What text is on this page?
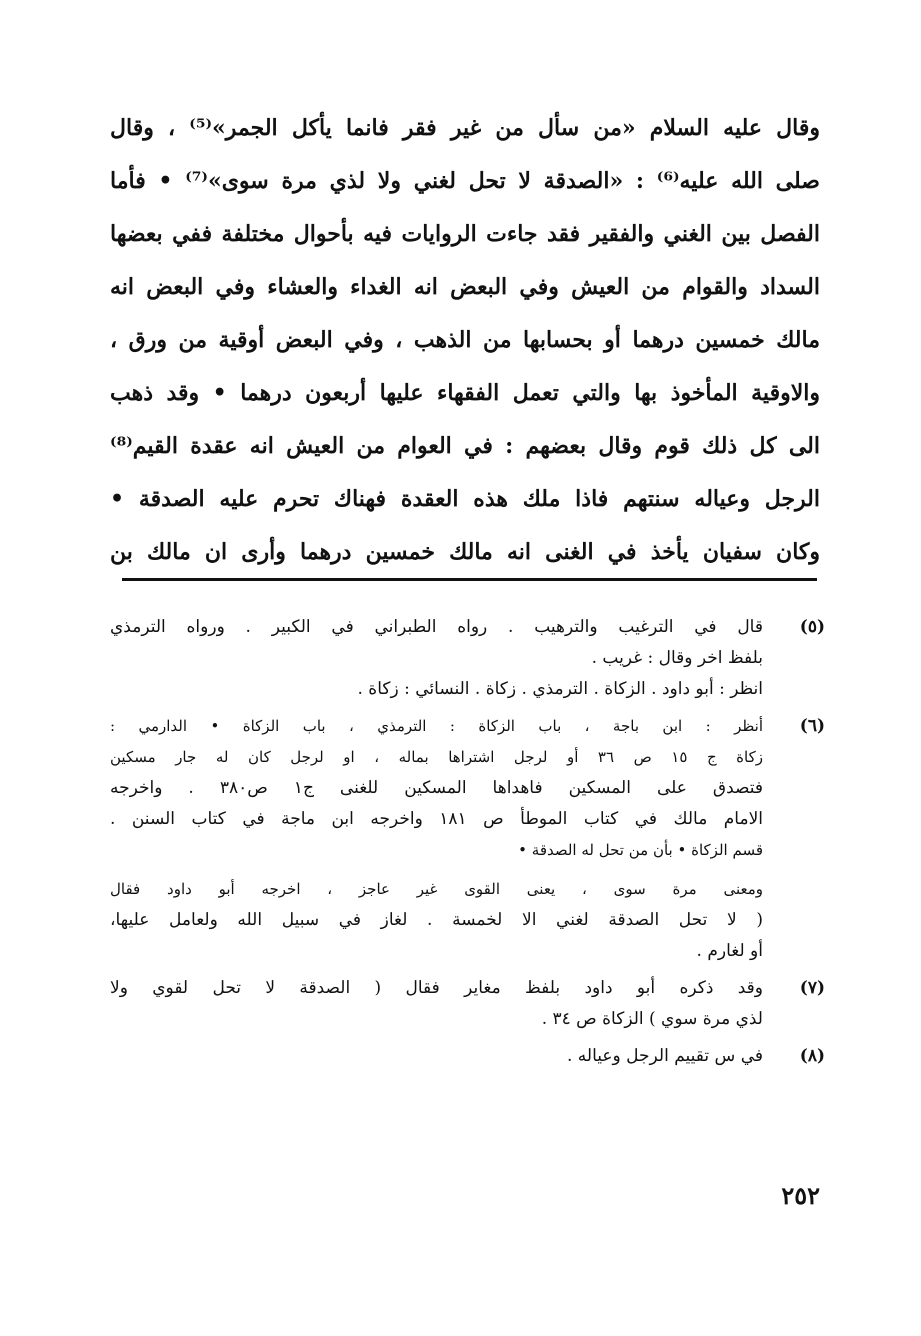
وقال عليه السلام «من سأل من غير فقر فانما يأكل الجمر»⁽⁵⁾ ، وقال
صلى الله عليه⁽⁶⁾ : «الصدقة لا تحل لغني ولا لذي مرة سوى»⁽⁷⁾ • فأما
الفصل بين الغني والفقير فقد جاءت الروايات فيه بأحوال مختلفة ففي بعضها
السداد والقوام من العيش وفي البعض انه الغداء والعشاء وفي البعض انه
مالك خمسين درهما أو بحسابها من الذهب ، وفي البعض أوقية من ورق ،
والاوقية المأخوذ بها والتي تعمل الفقهاء عليها أربعون درهما • وقد ذهب
الى كل ذلك قوم وقال بعضهم : في العوام من العيش انه عقدة القيم⁽⁸⁾
الرجل وعياله سنتهم فاذا ملك هذه العقدة فهناك تحرم عليه الصدقة •
وكان سفيان يأخذ في الغنى انه مالك خمسين درهما وأرى ان مالك بن
(٥)
قال في الترغيب والترهيب . رواه الطبراني في الكبير . ورواه الترمذي
بلفظ اخر وقال : غريب .
انظر : أبو داود . الزكاة . الترمذي . زكاة . النسائي : زكاة .
(٦)
أنظر : ابن باجة ، باب الزكاة : الترمذي ، باب الزكاة • الدارمي :
زكاة ج ١٥ ص ٣٦ أو لرجل اشتراها بماله ، او لرجل كان له جار مسكين
فتصدق على المسكين فاهداها المسكين للغنى ج١ ص٣٨٠ . واخرجه
الامام مالك في كتاب الموطأ ص ١٨١ واخرجه ابن ماجة في كتاب السنن .
قسم الزكاة • بأن من تحل له الصدقة •
ومعنى مرة سوى ، يعنى القوى غير عاجز ، اخرجه أبو داود فقال
( لا تحل الصدقة لغني الا لخمسة . لغاز في سبيل الله ولعامل عليها،
أو لغارم .
(٧)
وقد ذكره أبو داود بلفظ مغاير فقال ( الصدقة لا تحل لقوي ولا
لذي مرة سوي ) الزكاة ص ٣٤ .
(٨)
في س تقييم الرجل وعياله .
٢٥٢
